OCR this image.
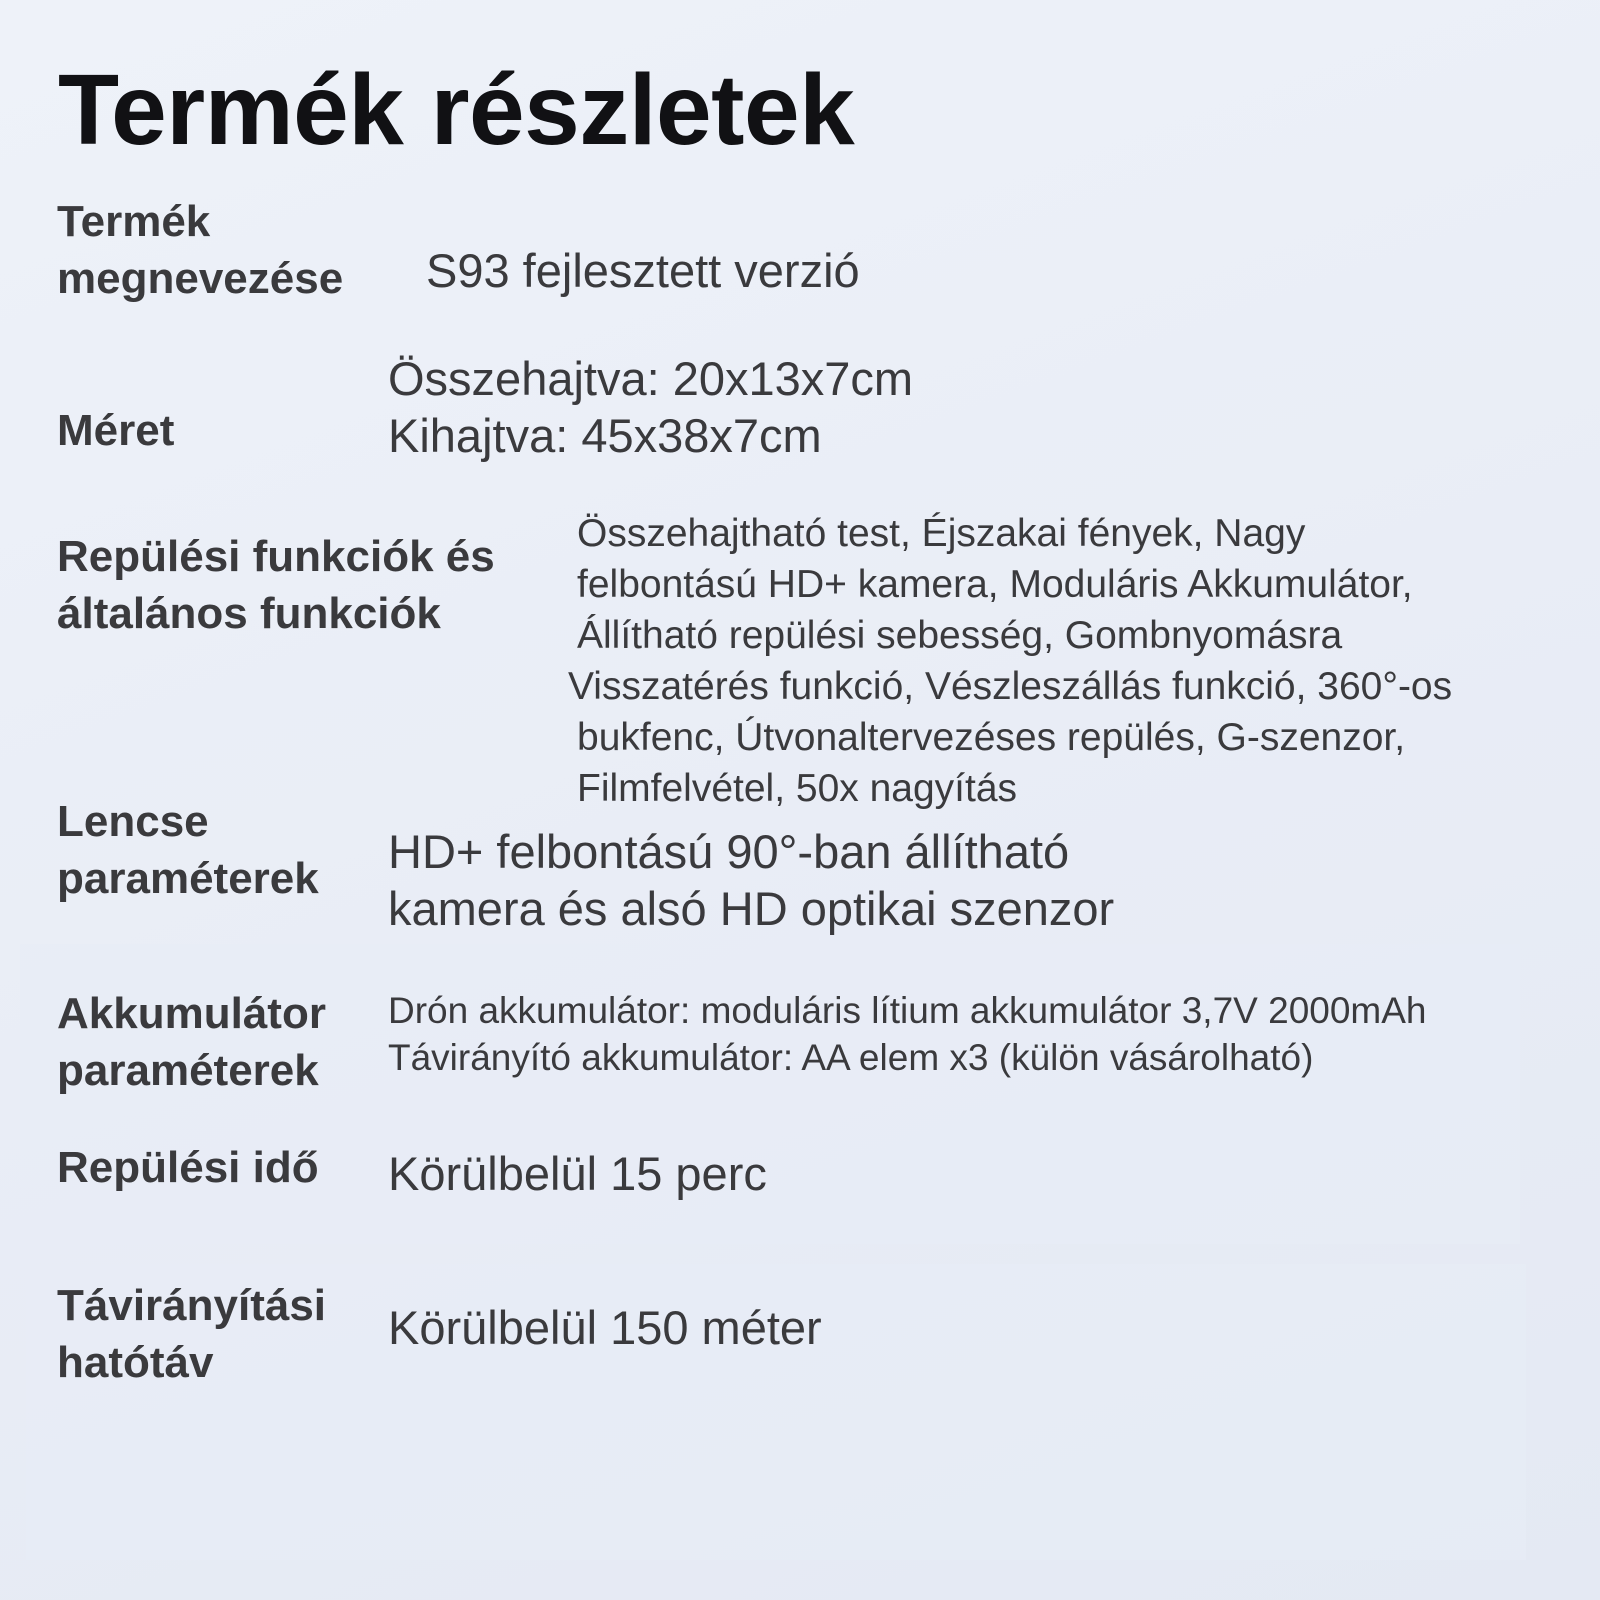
Termék részletek
Termék
megnevezése S93 fejlesztett verzió
Méret
Összehajtva: 20x13x7cm
Kihajtva: 45x38x7cm
Repülési funkciók és
általános funkciók
Összehajtható test, Éjszakai fények, Nagy
felbontású HD+ kamera, Moduláris Akkumulátor,
Állítható repülési sebesség, Gombnyomásra
Visszatérés funkció, Vészleszállás funkció, 360°-os
bukfenc, Útvonaltervezéses repülés, G-szenzor,
Filmfelvétel, 50x nagyítás
Lencse
paraméterek
HD+ felbontású 90°-ban állítható
kamera és alsó HD optikai szenzor
Akkumulátor
paraméterek
Drón akkumulátor: moduláris lítium akkumulátor 3,7V 2000mAh
Távirányító akkumulátor: AA elem x3 (külön vásárolható)
Repülési idő Körülbelül 15 perc
Távirányítási
hatótáv
Körülbelül 150 méter
